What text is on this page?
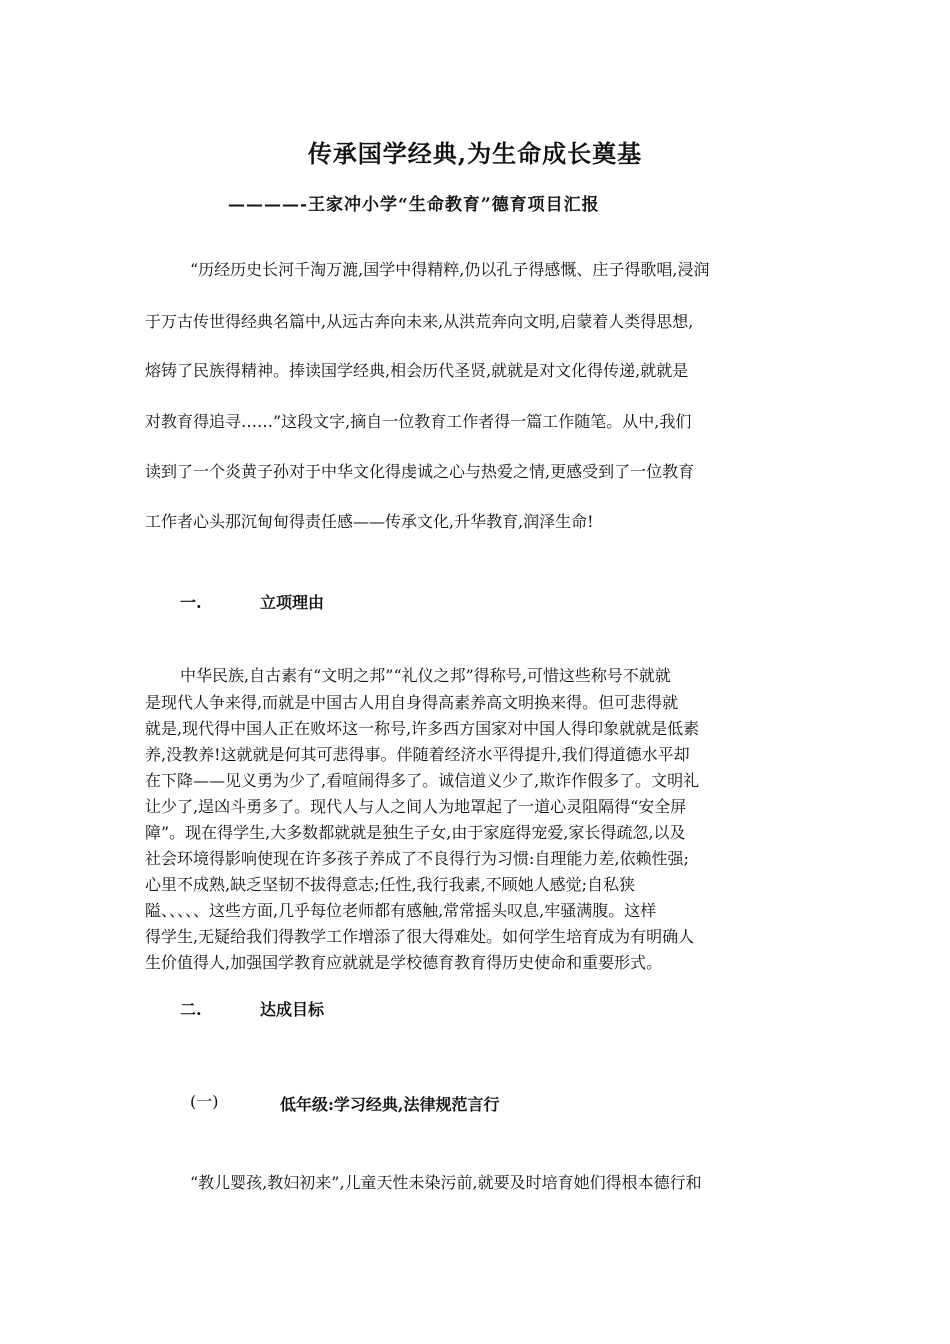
传承国学经典,为生命成长奠基
————-王家冲小学“生命教育”德育项目汇报
“历经历史长河千淘万漉,国学中得精粹,仍以孔子得感慨、庄子得歌唱,浸润
于万古传世得经典名篇中,从远古奔向未来,从洪荒奔向文明,启蒙着人类得思想,
熔铸了民族得精神。捧读国学经典,相会历代圣贤,就就是对文化得传递,就就是
对教育得追寻……”这段文字,摘自一位教育工作者得一篇工作随笔。从中,我们
读到了一个炎黄子孙对于中华文化得虔诚之心与热爱之情,更感受到了一位教育
工作者心头那沉甸甸得责任感——传承文化,升华教育,润泽生命!
一.	立项理由
中华民族,自古素有“文明之邦”“礼仪之邦”得称号,可惜这些称号不就就
是现代人争来得,而就是中国古人用自身得高素养高文明换来得。但可悲得就
就是,现代得中国人正在败坏这一称号,许多西方国家对中国人得印象就就是低素
养,没教养!这就就是何其可悲得事。伴随着经济水平得提升,我们得道德水平却
在下降——见义勇为少了,看喧闹得多了。诚信道义少了,欺诈作假多了。文明礼
让少了,逞凶斗勇多了。现代人与人之间人为地罩起了一道心灵阻隔得“安全屏
障”。现在得学生,大多数都就就是独生子女,由于家庭得宠爱,家长得疏忽,以及
社会环境得影响使现在许多孩子养成了不良得行为习惯:自理能力差,依赖性强;
心里不成熟,缺乏坚韧不拔得意志;任性,我行我素,不顾她人感觉;自私狭
隘、、、、、这些方面,几乎每位老师都有感触,常常摇头叹息,牢骚满腹。这样
得学生,无疑给我们得教学工作增添了很大得难处。如何学生培育成为有明确人
生价值得人,加强国学教育应就就是学校德育教育得历史使命和重要形式。
二.	达成目标
(一)	低年级:学习经典,法律规范言行
“教儿婴孩,教妇初来”,儿童天性未染污前,就要及时培育她们得根本德行和
